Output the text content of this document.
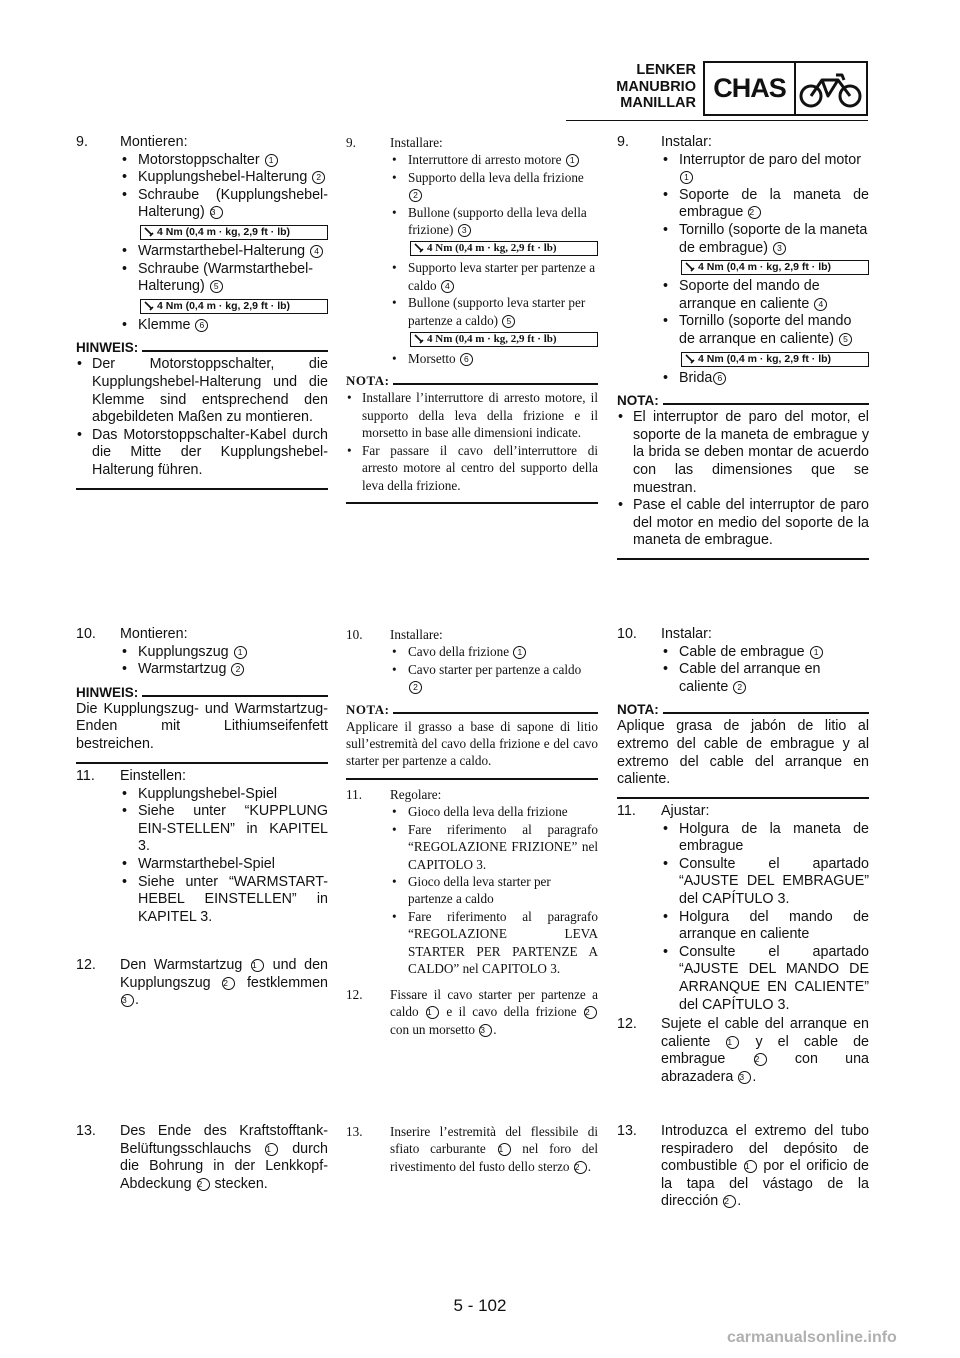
LENKER
MANUBRIO
MANILLAR CHAS
9. Montieren:
• Motorstoppschalter 1
• Kupplungshebel-Halterung 2
• Schraube (Kupplungshebel-Halterung) 3
4 Nm (0,4 m · kg, 2,9 ft · lb)
• Warmstarthebel-Halterung 4
• Schraube (Warmstarthebel-Halterung) 5
4 Nm (0,4 m · kg, 2,9 ft · lb)
• Klemme 6
HINWEIS:
• Der Motorstoppschalter, die Kupplungshebel-Halterung und die Klemme sind entsprechend den abgebildeten Maßen zu montieren.
• Das Motorstoppschalter-Kabel durch die Mitte der Kupplungshebel-Halterung führen.
10. Montieren:
• Kupplungszug 1
• Warmstartzug 2
HINWEIS:
Die Kupplungszug- und Warmstartzug-Enden mit Lithiumseifenfett bestreichen.
11. Einstellen:
• Kupplungshebel-Spiel
• Siehe unter “KUPPLUNG EIN-STELLEN” in KAPITEL 3.
• Warmstarthebel-Spiel
• Siehe unter “WARMSTART-HEBEL EINSTELLEN” in KAPITEL 3.
12. Den Warmstartzug 1 und den Kupplungszug 2 festklemmen 3 .
13. Des Ende des Kraftstofftank-Belüftungsschlauchs 1 durch die Bohrung in der Lenkkopf-Abdeckung 2 stecken.
9.	Installare:
• Interruttore di arresto motore 1
• Supporto della leva della frizione 2
• Bullone (supporto della leva della frizione) 3
4 Nm (0,4 m · kg, 2,9 ft · lb)
• Supporto leva starter per partenze a caldo 4
• Bullone (supporto leva starter per partenze a caldo) 5
4 Nm (0,4 m · kg, 2,9 ft · lb)
• Morsetto 6
NOTA:
• Installare l’interruttore di arresto motore, il supporto della leva della frizione e il morsetto in base alle dimensioni indicate.
• Far passare il cavo dell’interruttore di arresto motore al centro del supporto della leva della frizione.
10. Installare:
• Cavo della frizione 1
• Cavo starter per partenze a caldo 2
NOTA:
Applicare il grasso a base di sapone di litio sull’estremità del cavo della frizione e del cavo starter per partenze a caldo.
11. Regolare:
• Gioco della leva della frizione
• Fare riferimento al paragrafo “REGOLAZIONE FRIZIONE” nel CAPITOLO 3.
• Gioco della leva starter per partenze a caldo
• Fare riferimento al paragrafo “REGOLAZIONE LEVA STARTER PER PARTENZE A CALDO” nel CAPITOLO 3.
12. Fissare il cavo starter per partenze a caldo 1 e il cavo della frizione 2 con un morsetto 3 .
13. Inserire l’estremità del flessibile di sfiato carburante 1 nel foro del rivestimento del fusto dello sterzo 2 .
9. Instalar:
• Interruptor de paro del motor 1
• Soporte de la maneta de embrague 2
• Tornillo (soporte de la maneta de embrague) 3
4 Nm (0,4 m · kg, 2,9 ft · lb)
• Soporte del mando de arranque en caliente 4
• Tornillo (soporte del mando de arranque en caliente) 5
4 Nm (0,4 m · kg, 2,9 ft · lb)
• Brida 6
NOTA:
• El interruptor de paro del motor, el soporte de la maneta de embrague y la brida se deben montar de acuerdo con las dimensiones que se muestran.
• Pase el cable del interruptor de paro del motor en medio del soporte de la maneta de embrague.
10. Instalar:
• Cable de embrague 1
• Cable del arranque en caliente 2
NOTA:
Aplique grasa de jabón de litio al extremo del cable de embrague y al extremo del cable del arranque en caliente.
11. Ajustar:
• Holgura de la maneta de embrague
• Consulte el apartado “AJUSTE DEL EMBRAGUE” del CAPÍTULO 3.
• Holgura del mando de arranque en caliente
• Consulte el apartado “AJUSTE DEL MANDO DE ARRANQUE EN CALIENTE” del CAPÍTULO 3.
12. Sujete el cable del arranque en caliente 1 y el cable de embrague	2 con una abrazadera 3 .
13. Introduzca el extremo del tubo respiradero del depósito de combustible 1 por el orificio de la tapa del vástago de la dirección 2 .
5 - 102
carmanualsonline.info
